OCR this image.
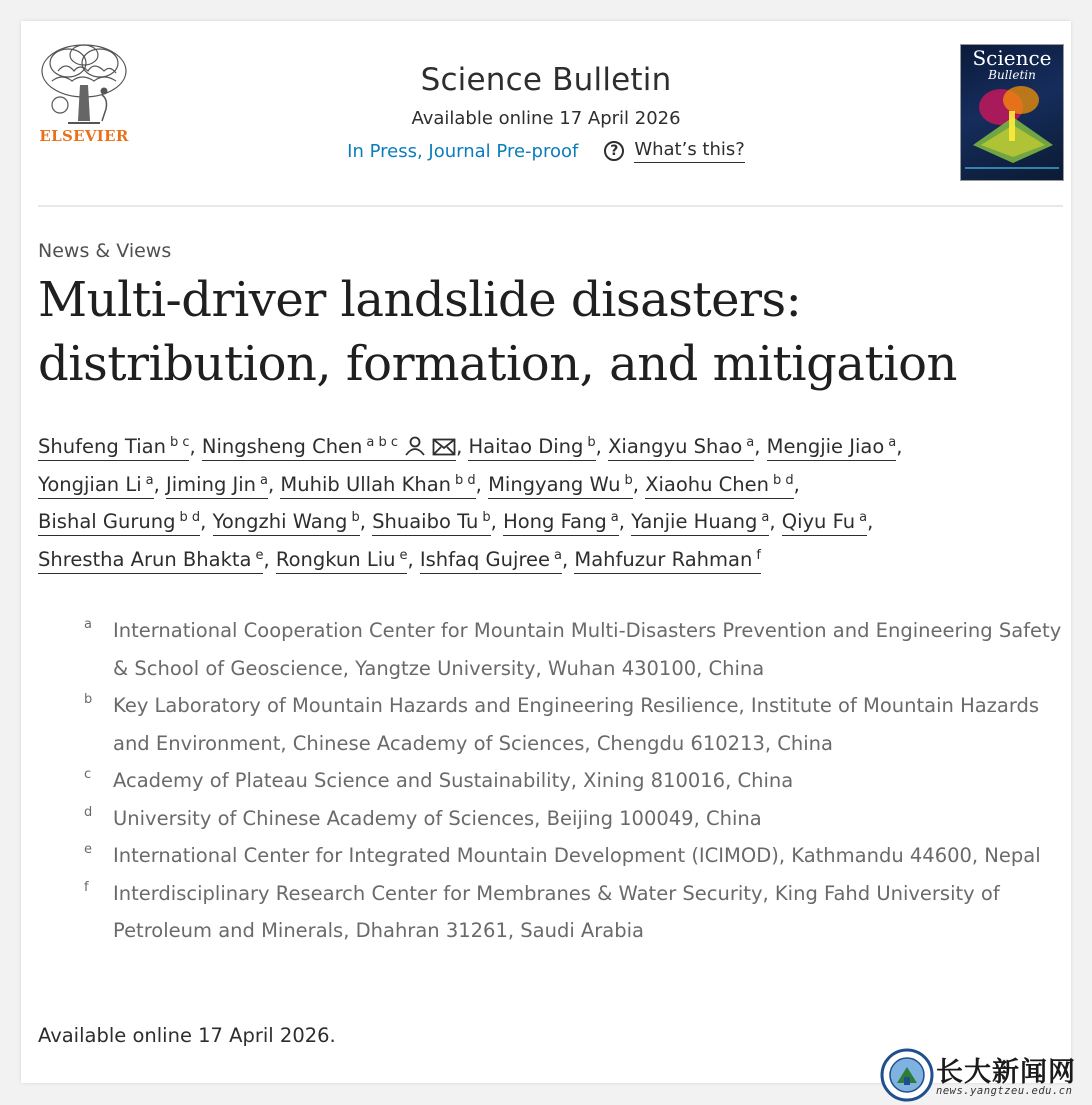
ELSEVIER
Science Bulletin
Available online 17 April 2026
In Press, Journal Pre-proof	? What’s this?
Science
Bulletin
News & Views
Multi-driver landslide disasters: distribution, formation, and mitigation
Shufeng Tian $^{b c}$, Ningsheng Chen $^{a b c}$	, Haitao Ding $^b$, Xiangyu Shao $^a$, Mengjie Jiao $^a$,
Yongjian Li $^a$, Jiming Jin $^a$, Muhib Ullah Khan $^{b d}$, Mingyang Wu $^b$, Xiaohu Chen $^{b d}$,
Bishal Gurung $^{b d}$, Yongzhi Wang $^b$, Shuaibo Tu $^b$, Hong Fang $^a$, Yanjie Huang $^a$, Qiyu Fu $^a$,
Shrestha Arun Bhakta $^e$, Rongkun Liu $^e$, Ishfaq Gujree $^a$, Mahfuzur Rahman $^f$
a	International Cooperation Center for Mountain Multi-Disasters Prevention and Engineering Safety & School of Geoscience, Yangtze University, Wuhan 430100, China
b	Key Laboratory of Mountain Hazards and Engineering Resilience, Institute of Mountain Hazards and Environment, Chinese Academy of Sciences, Chengdu 610213, China
c	Academy of Plateau Science and Sustainability, Xining 810016, China
d	University of Chinese Academy of Sciences, Beijing 100049, China
e	International Center for Integrated Mountain Development (ICIMOD), Kathmandu 44600, Nepal
f	Interdisciplinary Research Center for Membranes & Water Security, King Fahd University of Petroleum and Minerals, Dhahran 31261, Saudi Arabia
Available online 17 April 2026.
长大新闻网
news.yangtzeu.edu.cn
